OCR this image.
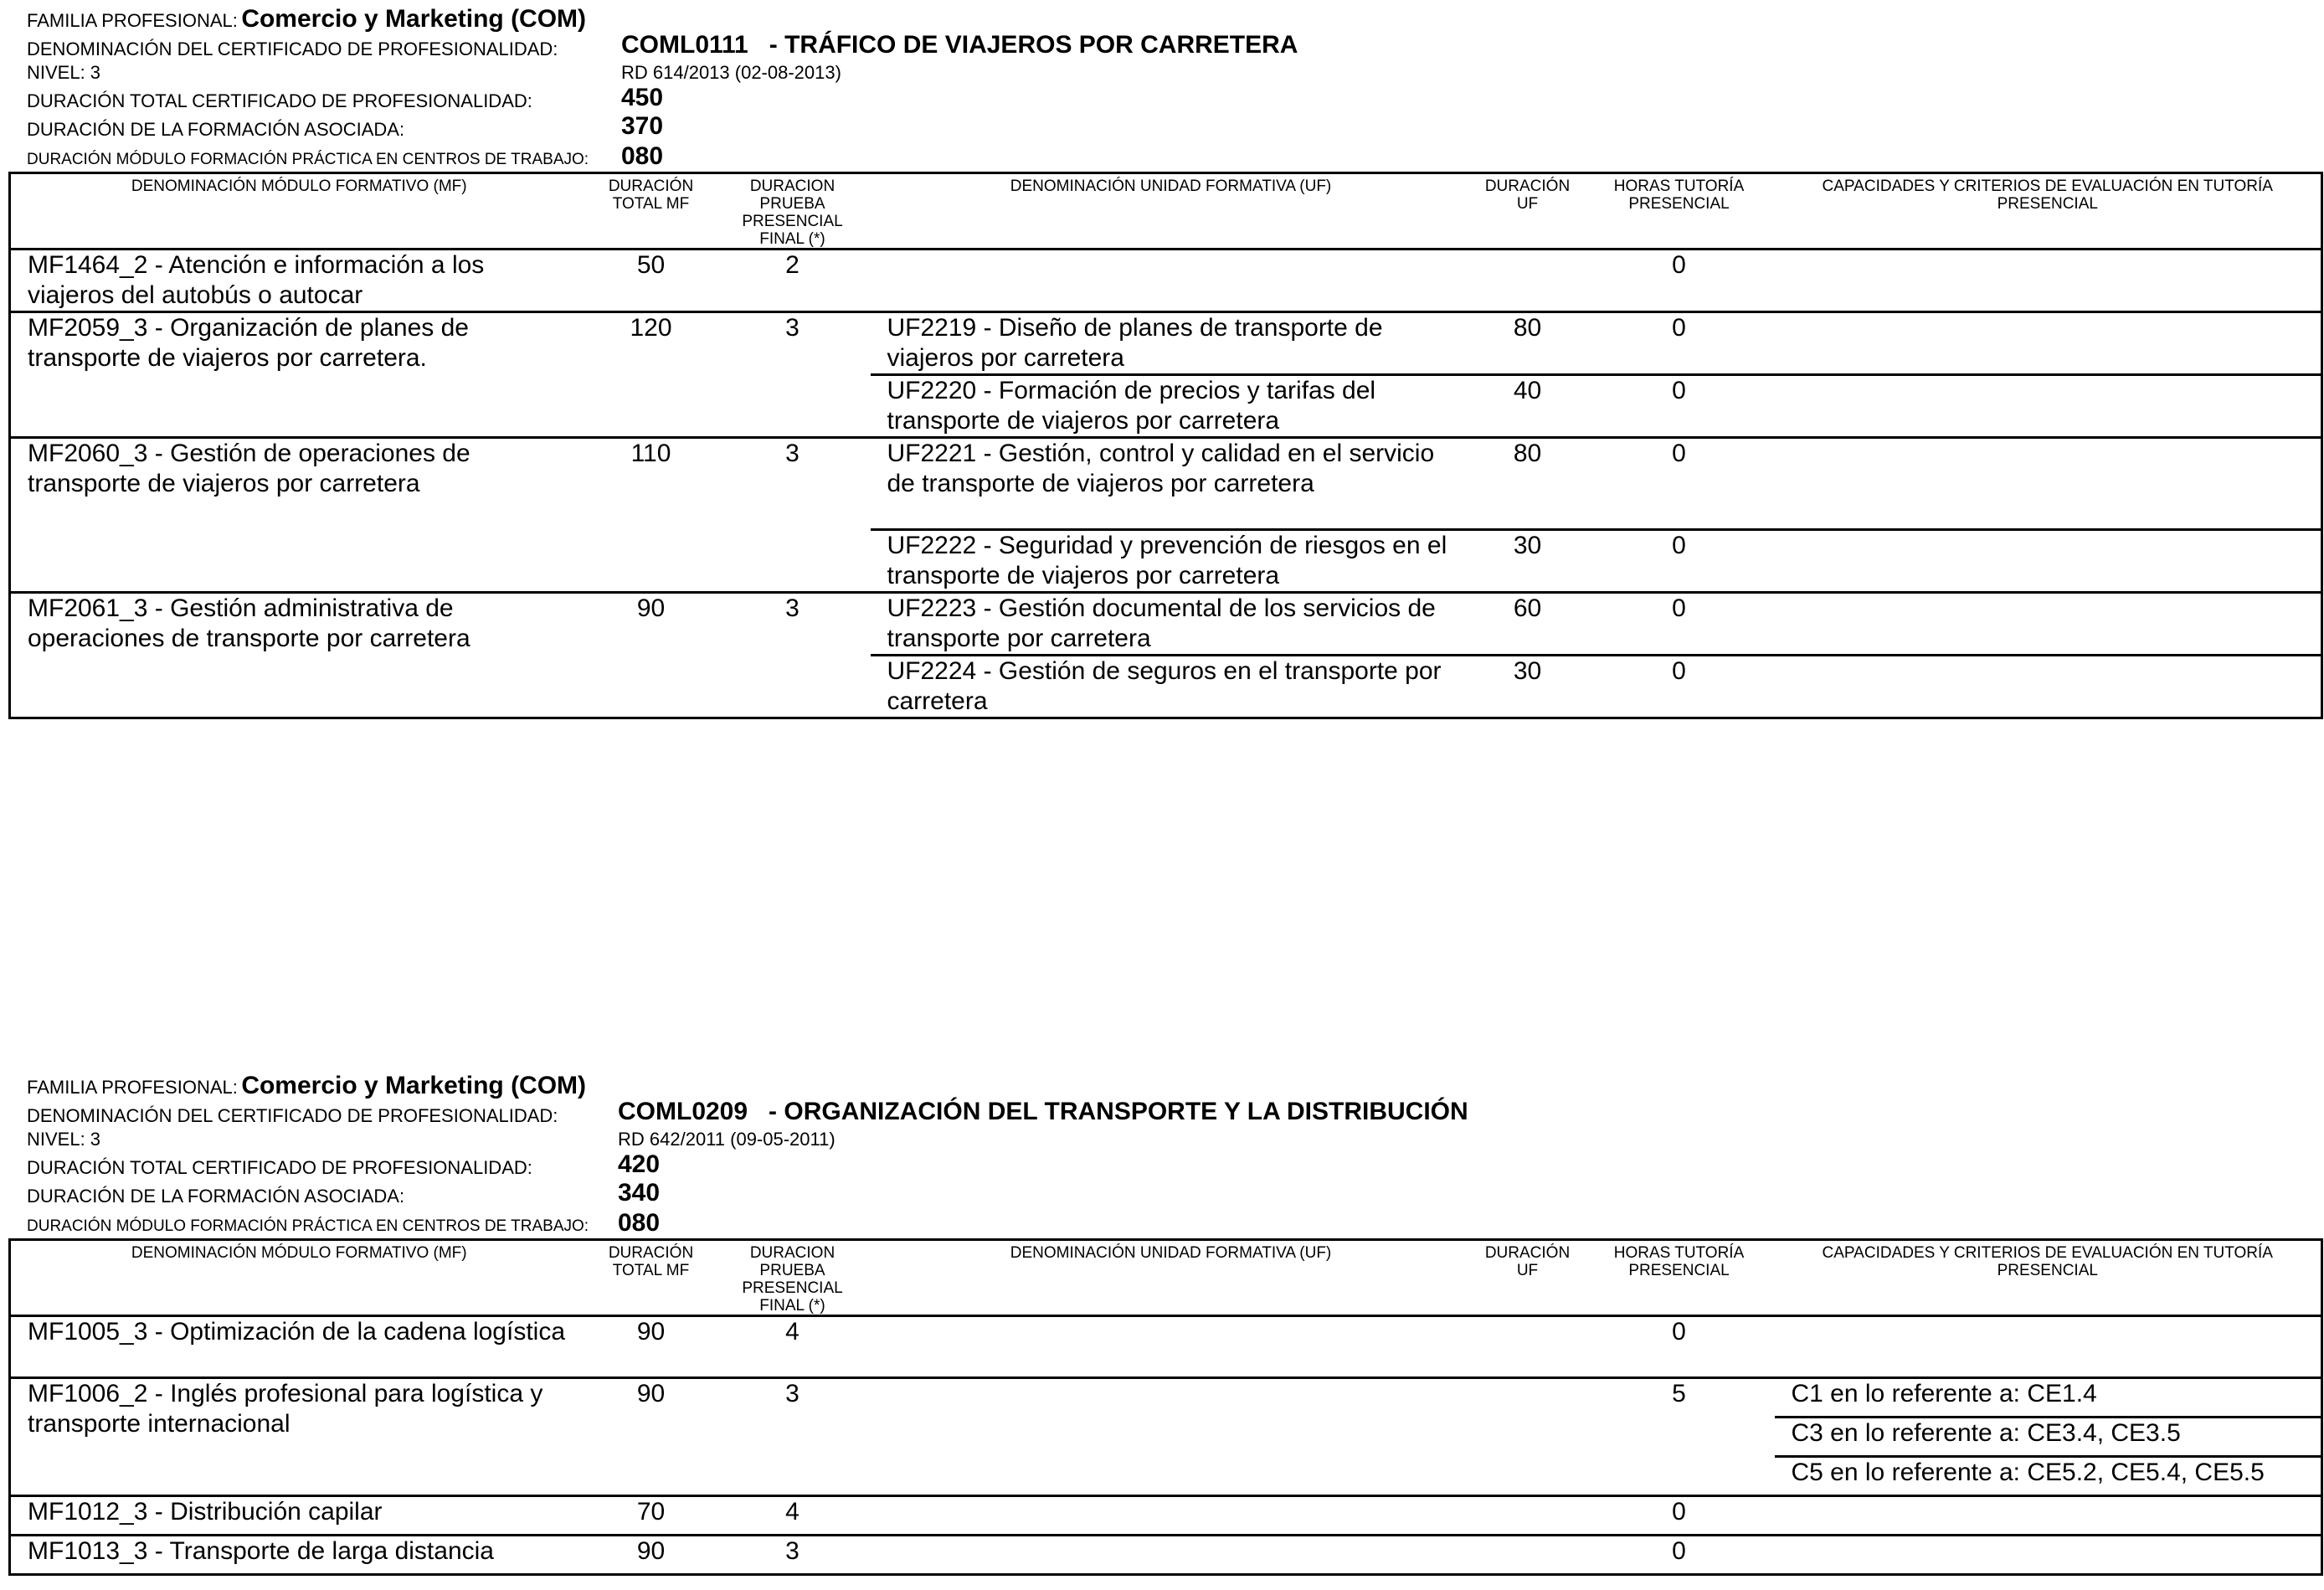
FAMILIA PROFESIONAL: Comercio y Marketing (COM)
DENOMINACIÓN DEL CERTIFICADO DE PROFESIONALIDAD:	COML0111   - TRÁFICO DE VIAJEROS POR CARRETERA
NIVEL: 3	RD 614/2013 (02-08-2013)
DURACIÓN TOTAL CERTIFICADO DE PROFESIONALIDAD:	450
DURACIÓN DE LA FORMACIÓN ASOCIADA:	370
DURACIÓN MÓDULO FORMACIÓN PRÁCTICA EN CENTROS DE TRABAJO: 080
DENOMINACIÓN MÓDULO FORMATIVO (MF)	DURACIÓN TOTAL MF	DURACION PRUEBA PRESENCIAL FINAL (*)	DENOMINACIÓN UNIDAD FORMATIVA (UF)	DURACIÓN UF	HORAS TUTORÍA PRESENCIAL	CAPACIDADES Y CRITERIOS DE EVALUACIÓN EN TUTORÍA PRESENCIAL
MF1464_2 - Atención e información a los viajeros del autobús o autocar	50	2			0	
MF2059_3 - Organización de planes de transporte de viajeros por carretera.	120	3	UF2219 - Diseño de planes de transporte de viajeros por carretera	80	0	
			UF2220 - Formación de precios y tarifas del transporte de viajeros por carretera	40	0	
MF2060_3 - Gestión de operaciones de transporte de viajeros por carretera	110	3	UF2221 - Gestión, control y calidad en el servicio de transporte de viajeros por carretera	80	0	
			UF2222 - Seguridad y prevención de riesgos en el transporte de viajeros por carretera	30	0	
MF2061_3 - Gestión administrativa de operaciones de transporte por carretera	90	3	UF2223 - Gestión documental de los servicios de transporte por carretera	60	0	
			UF2224 - Gestión de seguros en el transporte por carretera	30	0	
FAMILIA PROFESIONAL: Comercio y Marketing (COM)
DENOMINACIÓN DEL CERTIFICADO DE PROFESIONALIDAD: COML0209   - ORGANIZACIÓN DEL TRANSPORTE Y LA DISTRIBUCIÓN
NIVEL: 3	RD 642/2011 (09-05-2011)
DURACIÓN TOTAL CERTIFICADO DE PROFESIONALIDAD:	420
DURACIÓN DE LA FORMACIÓN ASOCIADA:	340
DURACIÓN MÓDULO FORMACIÓN PRÁCTICA EN CENTROS DE TRABAJO: 080
DENOMINACIÓN MÓDULO FORMATIVO (MF)	DURACIÓN TOTAL MF	DURACION PRUEBA PRESENCIAL FINAL (*)	DENOMINACIÓN UNIDAD FORMATIVA (UF)	DURACIÓN UF	HORAS TUTORÍA PRESENCIAL	CAPACIDADES Y CRITERIOS DE EVALUACIÓN EN TUTORÍA PRESENCIAL
MF1005_3 - Optimización de la cadena logística	90	4			0	
MF1006_2 - Inglés profesional para logística y transporte internacional	90	3			5	C1 en lo referente a: CE1.4
						C3 en lo referente a: CE3.4, CE3.5
						C5 en lo referente a: CE5.2, CE5.4, CE5.5
MF1012_3 - Distribución capilar	70	4			0	
MF1013_3 - Transporte de larga distancia	90	3			0	
